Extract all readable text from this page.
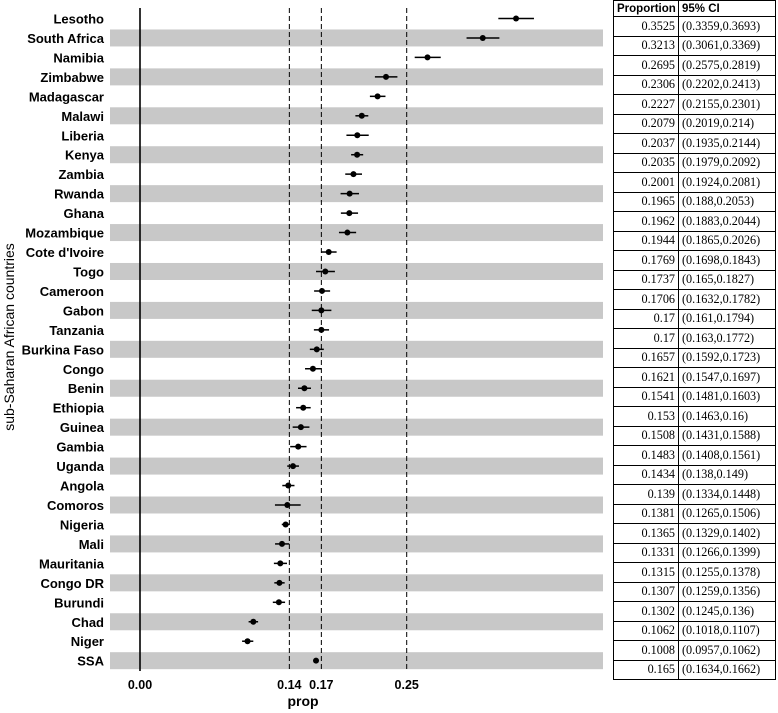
Lesotho
South Africa
Namibia
Zimbabwe
Madagascar
Malawi
Liberia
Kenya
Zambia
Rwanda
Ghana
Mozambique
Cote d'Ivoire
Togo
Cameroon
Gabon
Tanzania
Burkina Faso
Congo
Benin
Ethiopia
Guinea
Gambia
Uganda
Angola
Comoros
Nigeria
Mali
Mauritania
Congo DR
Burundi
Chad
Niger
SSA
0.00	0.14 0.17	0.25
sub-Saharan African countries
prop
Proportion	95% CI
0.3525	(0.3359,0.3693)
0.3213	(0.3061,0.3369)
0.2695	(0.2575,0.2819)
0.2306	(0.2202,0.2413)
0.2227	(0.2155,0.2301)
0.2079	(0.2019,0.214)
0.2037	(0.1935,0.2144)
0.2035	(0.1979,0.2092)
0.2001	(0.1924,0.2081)
0.1965	(0.188,0.2053)
0.1962	(0.1883,0.2044)
0.1944	(0.1865,0.2026)
0.1769	(0.1698,0.1843)
0.1737	(0.165,0.1827)
0.1706	(0.1632,0.1782)
0.17	(0.161,0.1794)
0.17	(0.163,0.1772)
0.1657	(0.1592,0.1723)
0.1621	(0.1547,0.1697)
0.1541	(0.1481,0.1603)
0.153	(0.1463,0.16)
0.1508	(0.1431,0.1588)
0.1483	(0.1408,0.1561)
0.1434	(0.138,0.149)
0.139	(0.1334,0.1448)
0.1381	(0.1265,0.1506)
0.1365	(0.1329,0.1402)
0.1331	(0.1266,0.1399)
0.1315	(0.1255,0.1378)
0.1307	(0.1259,0.1356)
0.1302	(0.1245,0.136)
0.1062	(0.1018,0.1107)
0.1008	(0.0957,0.1062)
0.165	(0.1634,0.1662)
